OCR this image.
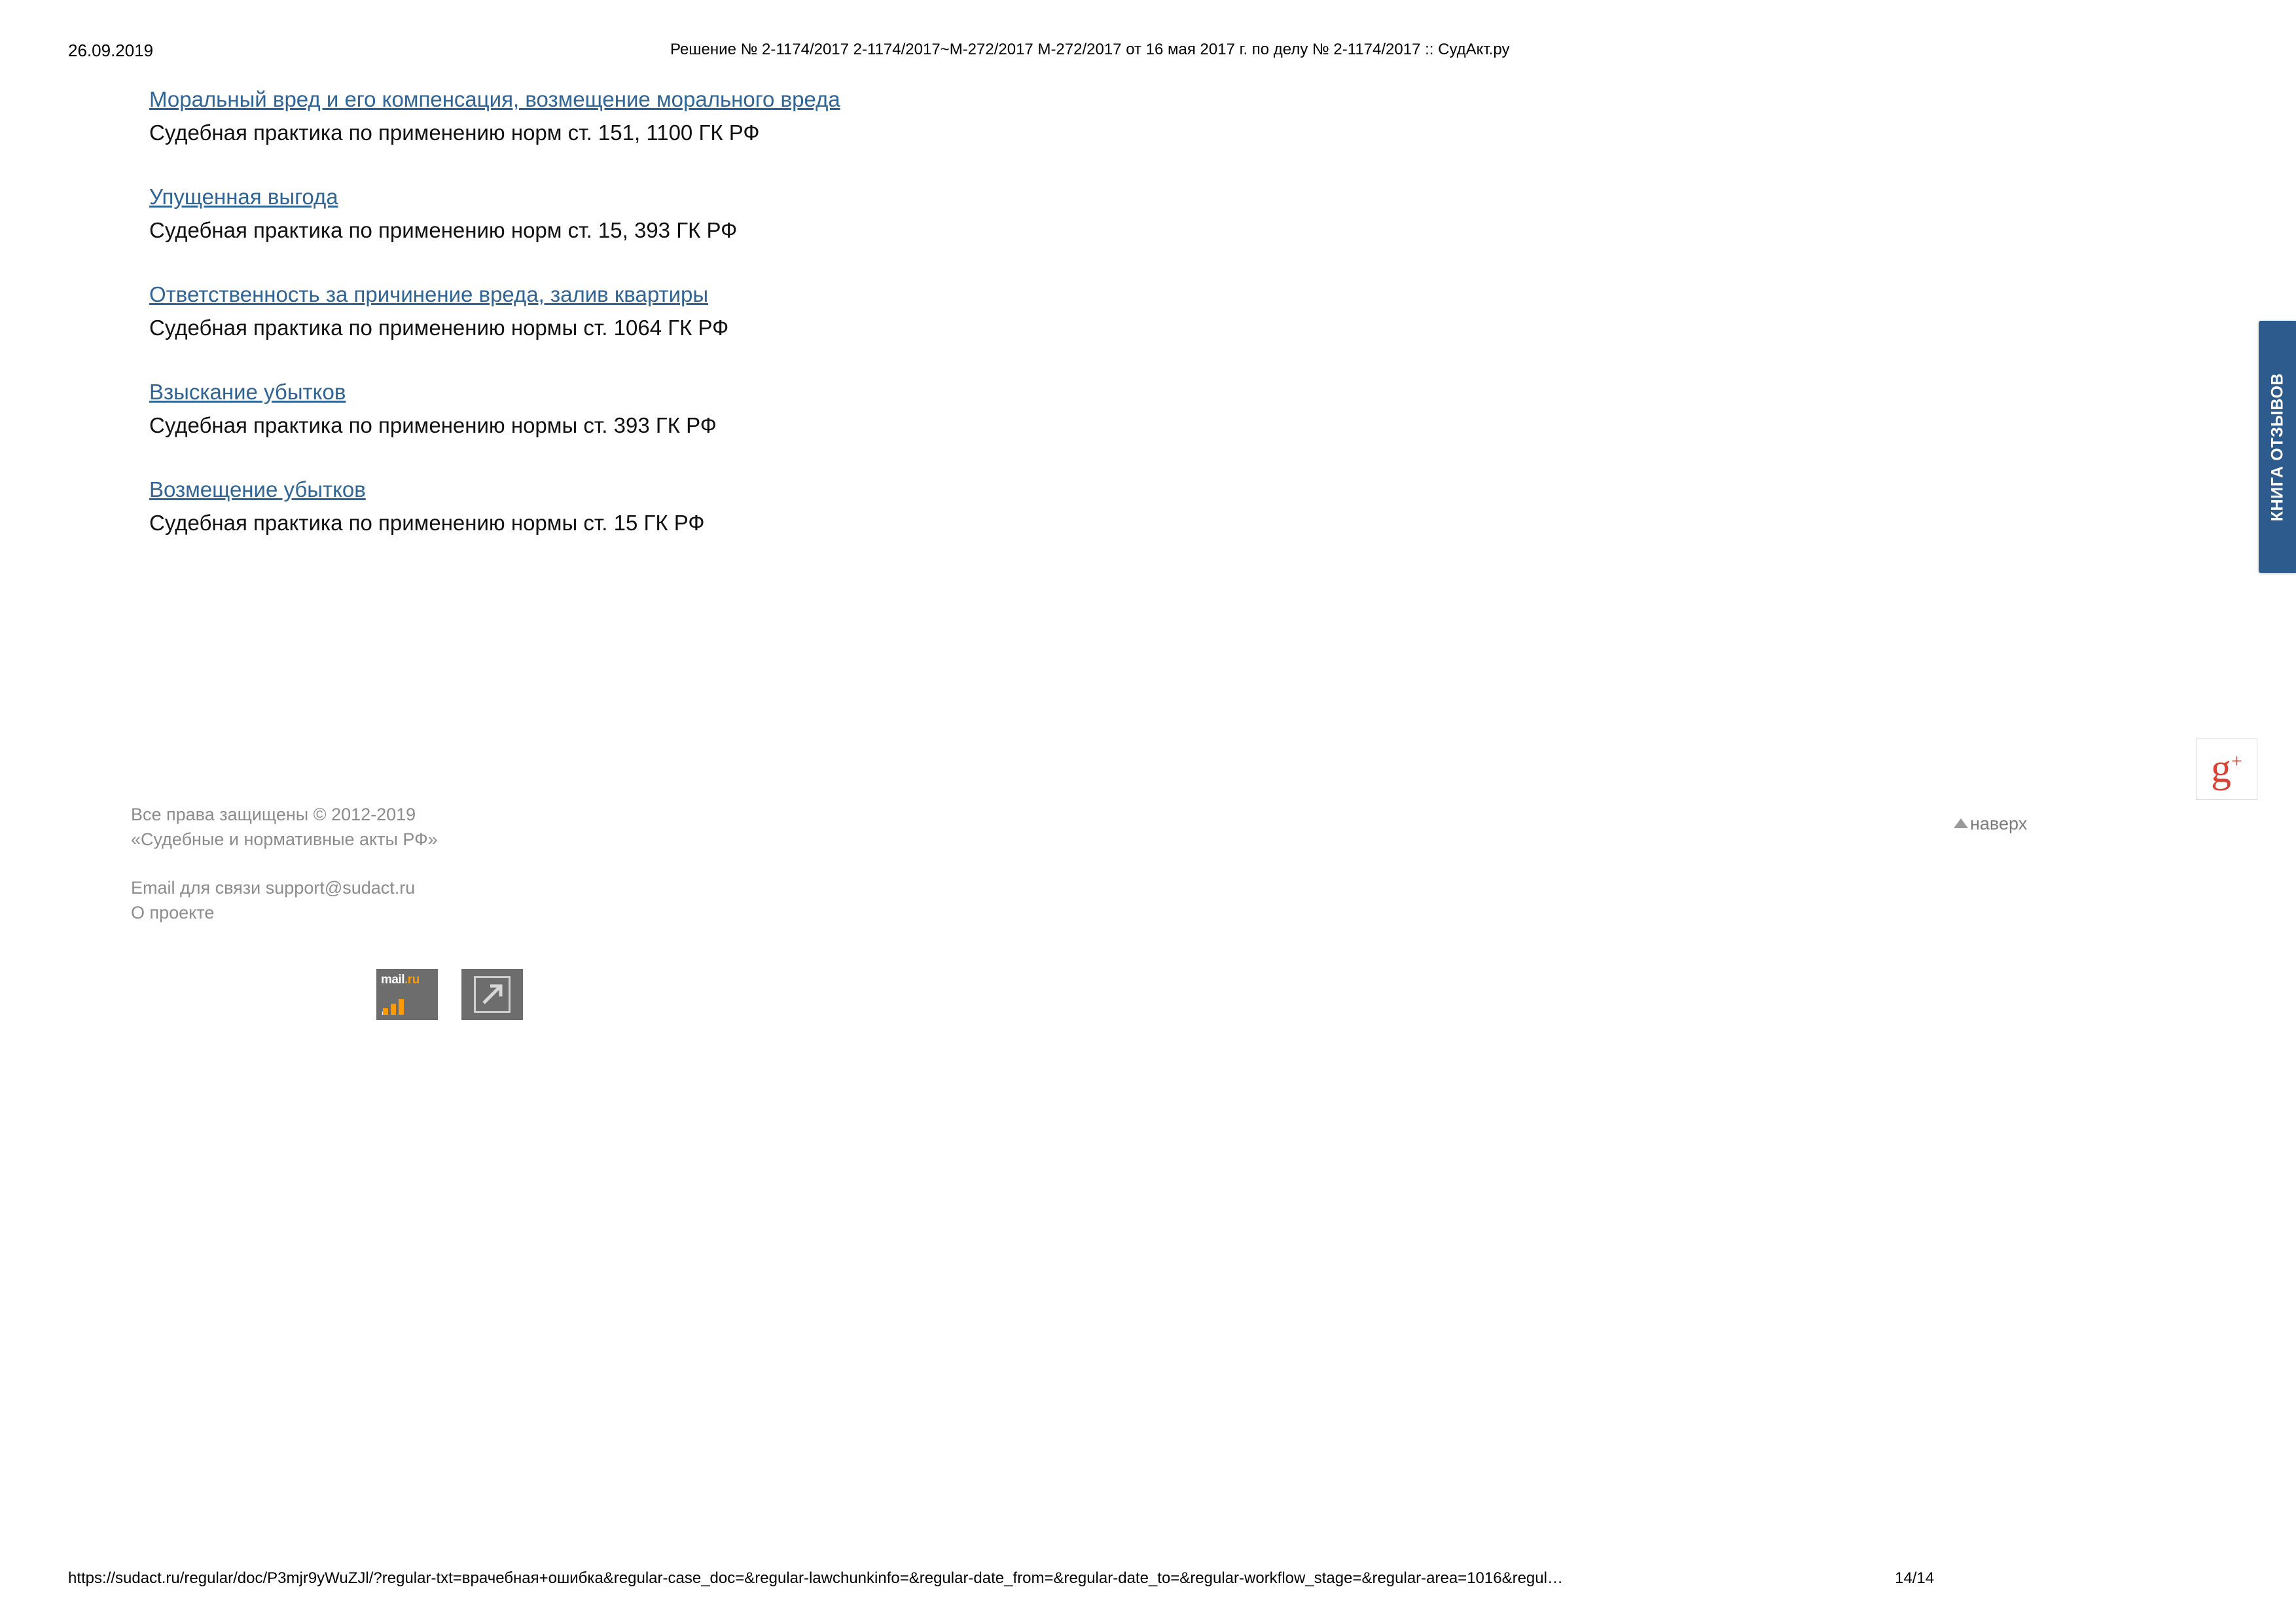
26.09.2019	Решение № 2-1174/2017 2-1174/2017~М-272/2017 М-272/2017 от 16 мая 2017 г. по делу № 2-1174/2017 :: СудАкт.ру
Моральный вред и его компенсация, возмещение морального вреда
Судебная практика по применению норм ст. 151, 1100 ГК РФ
Упущенная выгода
Судебная практика по применению норм ст. 15, 393 ГК РФ
Ответственность за причинение вреда, залив квартиры
Судебная практика по применению нормы ст. 1064 ГК РФ
Взыскание убытков
Судебная практика по применению нормы ст. 393 ГК РФ
Возмещение убытков
Судебная практика по применению нормы ст. 15 ГК РФ
КНИГА ОТЗЫВОВ
g+
наверх
Все права защищены © 2012-2019
«Судебные и нормативные акты РФ»
Email для связи support@sudact.ru
О проекте
mail.ru
https://sudact.ru/regular/doc/P3mjr9yWuZJl/?regular-txt=врачебная+ошибка&regular-case_doc=&regular-lawchunkinfo=&regular-date_from=&regular-date_to=&regular-workflow_stage=&regular-area=1016&regul…	14/14
